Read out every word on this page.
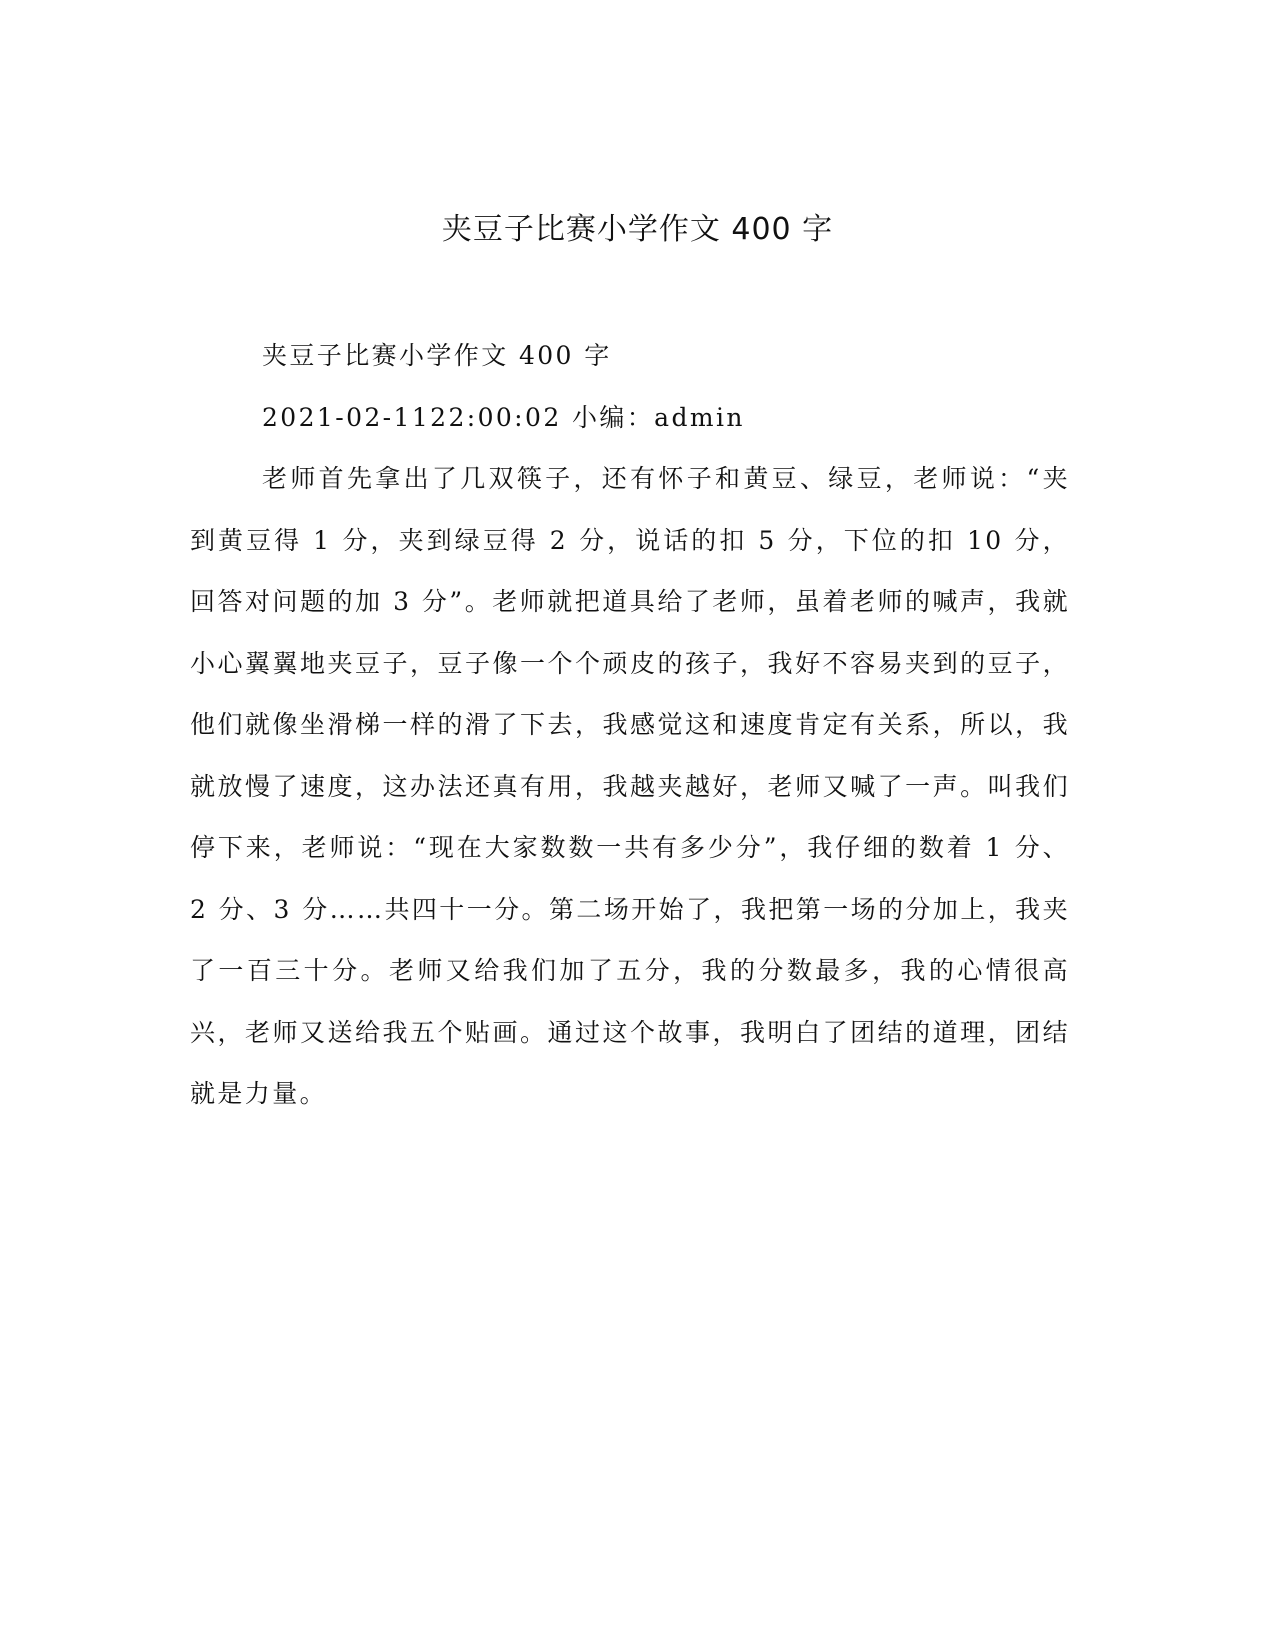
夹豆子比赛小学作文 400 字

夹豆子比赛小学作文 400 字

2021-02-1122:00:02 小编：admin

老师首先拿出了几双筷子，还有怀子和黄豆、绿豆，老师说：“夹到黄豆得 1 分，夹到绿豆得 2 分，说话的扣 5 分，下位的扣 10 分，回答对问题的加 3 分”。老师就把道具给了老师，虽着老师的喊声，我就小心翼翼地夹豆子，豆子像一个个顽皮的孩子，我好不容易夹到的豆子，他们就像坐滑梯一样的滑了下去，我感觉这和速度肯定有关系，所以，我就放慢了速度，这办法还真有用，我越夹越好，老师又喊了一声。叫我们停下来，老师说：“现在大家数数一共有多少分”，我仔细的数着 1 分、2 分、3 分……共四十一分。第二场开始了，我把第一场的分加上，我夹了一百三十分。老师又给我们加了五分，我的分数最多，我的心情很高兴，老师又送给我五个贴画。通过这个故事，我明白了团结的道理，团结就是力量。
